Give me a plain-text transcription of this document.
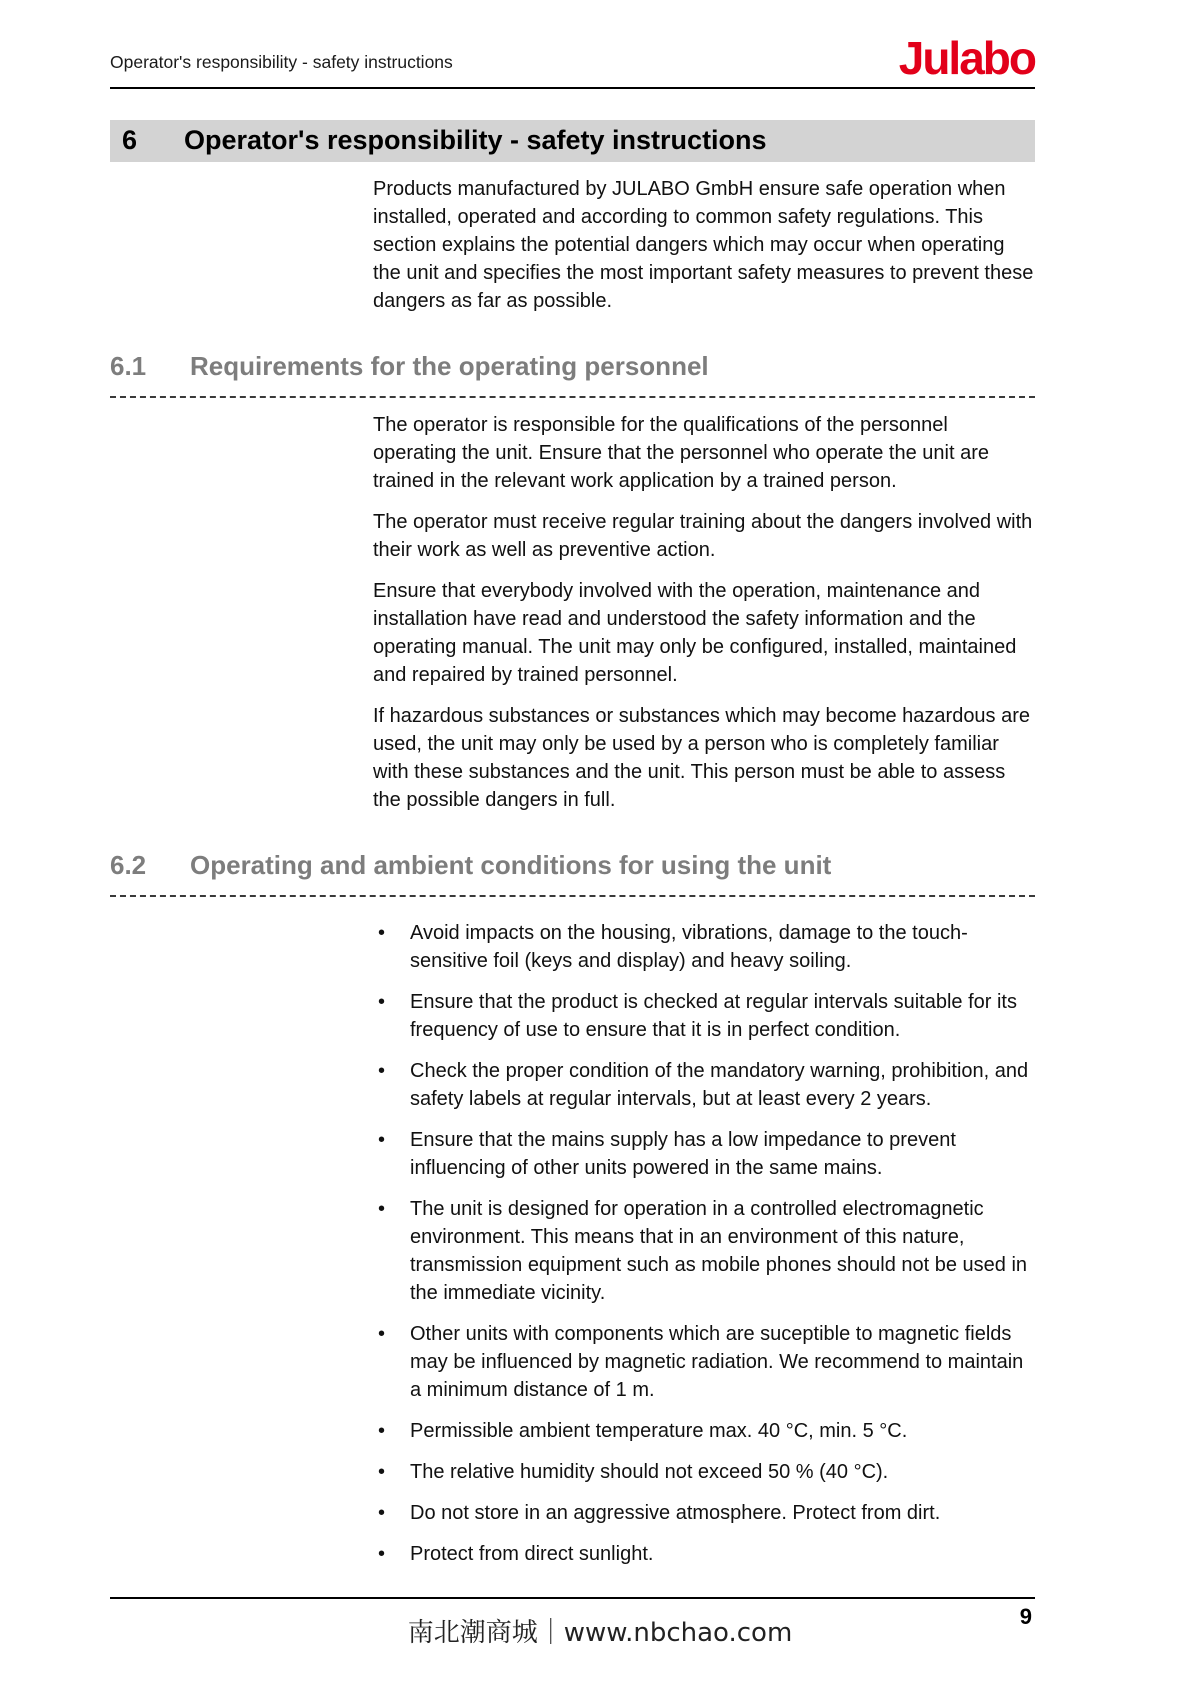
Operator's responsibility - safety instructions	Julabo
6	Operator's responsibility - safety instructions

Products manufactured by JULABO GmbH ensure safe operation when installed, operated and according to common safety regulations. This section explains the potential dangers which may occur when operating the unit and specifies the most important safety measures to prevent these dangers as far as possible.

6.1	Requirements for the operating personnel

The operator is responsible for the qualifications of the personnel operating the unit. Ensure that the personnel who operate the unit are trained in the relevant work application by a trained person.

The operator must receive regular training about the dangers involved with their work as well as preventive action.

Ensure that everybody involved with the operation, maintenance and installation have read and understood the safety information and the operating manual. The unit may only be configured, installed, maintained and repaired by trained personnel.

If hazardous substances or substances which may become hazardous are used, the unit may only be used by a person who is completely familiar with these substances and the unit. This person must be able to assess the possible dangers in full.

6.2	Operating and ambient conditions for using the unit
•	Avoid impacts on the housing, vibrations, damage to the touch-sensitive foil (keys and display) and heavy soiling.
•	Ensure that the product is checked at regular intervals suitable for its frequency of use to ensure that it is in perfect condition.
•	Check the proper condition of the mandatory warning, prohibition, and safety labels at regular intervals, but at least every 2 years.
•	Ensure that the mains supply has a low impedance to prevent influencing of other units powered in the same mains.
•	The unit is designed for operation in a controlled electromagnetic environment. This means that in an environment of this nature, transmission equipment such as mobile phones should not be used in the immediate vicinity.
•	Other units with components which are suceptible to magnetic fields may be influenced by magnetic radiation. We recommend to maintain a minimum distance of 1 m.
•	Permissible ambient temperature max. 40 °C, min. 5 °C.
•	The relative humidity should not exceed 50 % (40 °C).
•	Do not store in an aggressive atmosphere. Protect from dirt.
•	Protect from direct sunlight.
南北潮商城｜www.nbchao.com
9
